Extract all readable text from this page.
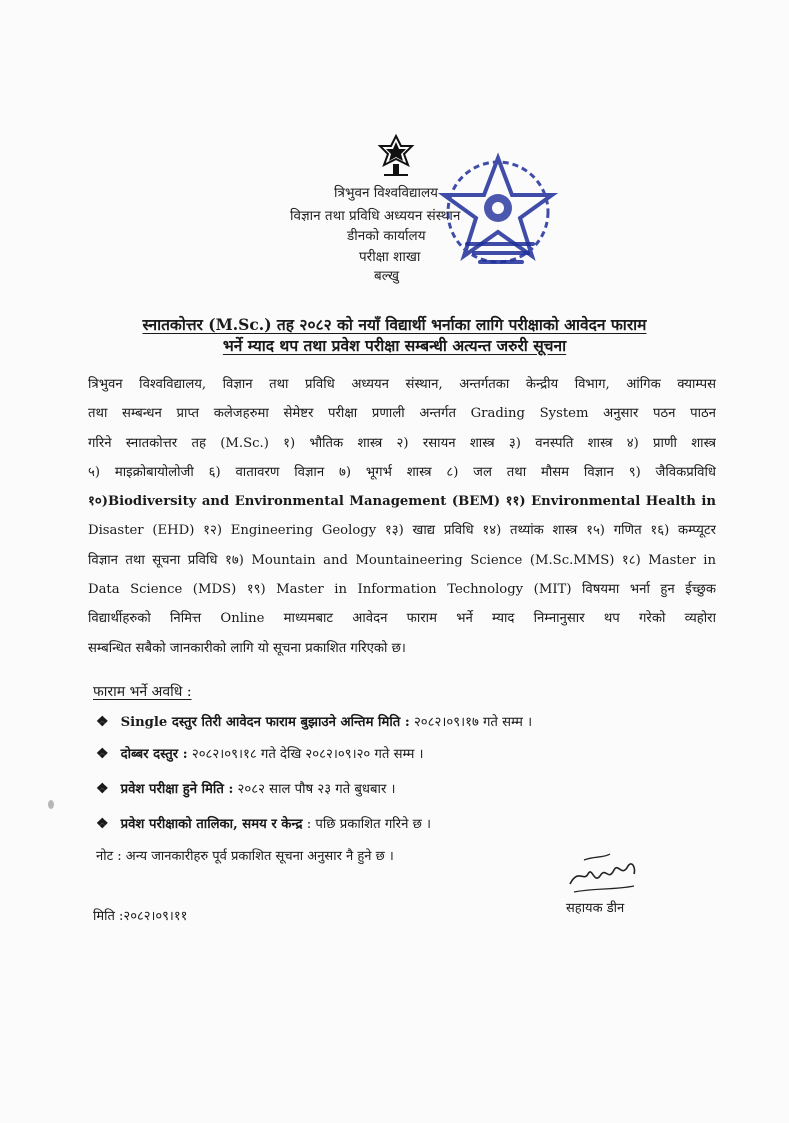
त्रिभुवन विश्वविद्यालय
विज्ञान तथा प्रविधि अध्ययन संस्थान
डीनको कार्यालय
परीक्षा शाखा
बल्खु
स्नातकोत्तर (M.Sc.) तह २०८२ को नयाँ विद्यार्थी भर्नाका लागि परीक्षाको आवेदन फाराम
भर्ने म्याद थप तथा प्रवेश परीक्षा सम्बन्धी अत्यन्त जरुरी सूचना
त्रिभुवन विश्वविद्यालय, विज्ञान तथा प्रविधि अध्ययन संस्थान, अन्तर्गतका केन्द्रीय विभाग, आंगिक क्याम्पस
तथा सम्बन्धन प्राप्त कलेजहरुमा सेमेष्टर परीक्षा प्रणाली अन्तर्गत Grading System अनुसार पठन पाठन
गरिने स्नातकोत्तर तह (M.Sc.) १) भौतिक शास्त्र २) रसायन शास्त्र ३) वनस्पति शास्त्र ४) प्राणी शास्त्र
५) माइक्रोबायोलोजी ६) वातावरण विज्ञान ७) भूगर्भ शास्त्र ८) जल तथा मौसम विज्ञान ९) जैविकप्रविधि
१०)Biodiversity and Environmental Management (BEM) ११) Environmental Health in
Disaster (EHD) १२) Engineering Geology १३) खाद्य प्रविधि १४) तथ्यांक शास्त्र १५) गणित १६) कम्प्यूटर
विज्ञान तथा सूचना प्रविधि १७) Mountain and Mountaineering Science (M.Sc.MMS) १८) Master in
Data Science (MDS) १९) Master in Information Technology (MIT) विषयमा भर्ना हुन ईच्छुक
विद्यार्थीहरुको निमित्त Online माध्यमबाट आवेदन फाराम भर्ने म्याद निम्नानुसार थप गरेको व्यहोरा
सम्बन्धित सबैको जानकारीको लागि यो सूचना प्रकाशित गरिएको छ।
फाराम भर्ने अवधि :
❖ Single दस्तुर तिरी आवेदन फाराम बुझाउने अन्तिम मिति : २०८२।०९।१७ गते सम्म ।
❖ दोब्बर दस्तुर : २०८२।०९।१८ गते देखि २०८२।०९।२० गते सम्म ।
❖ प्रवेश परीक्षा हुने मिति : २०८२ साल पौष २३ गते बुधबार ।
❖ प्रवेश परीक्षाको तालिका, समय र केन्द्र : पछि प्रकाशित गरिने छ ।
नोट : अन्य जानकारीहरु पूर्व प्रकाशित सूचना अनुसार नै हुने छ ।
सहायक डीन
मिति :२०८२।०९।११
